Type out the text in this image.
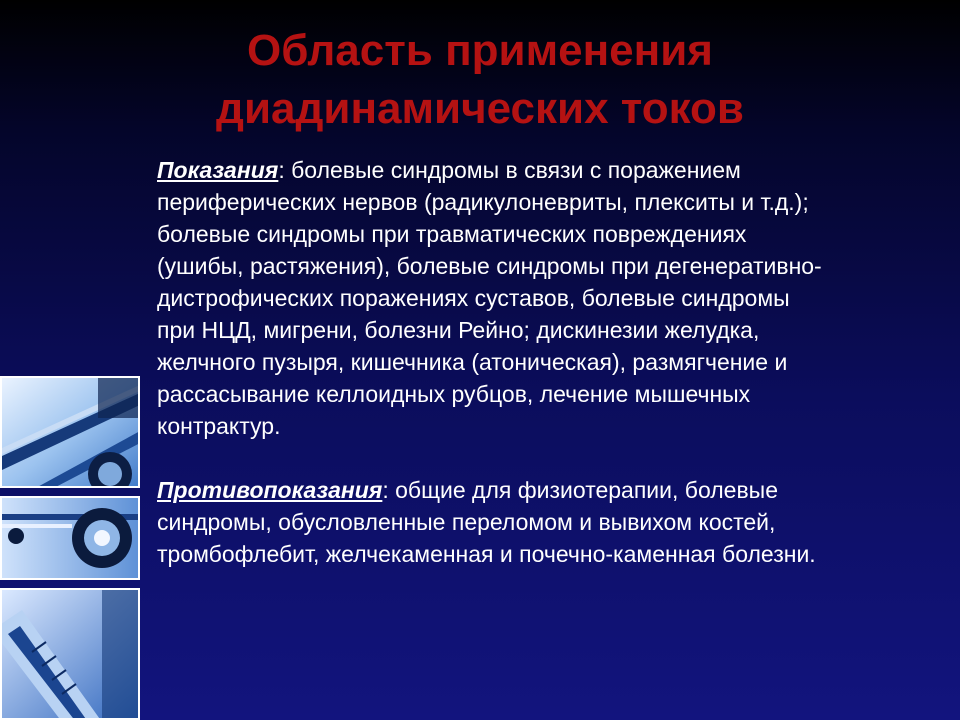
Область применения
диадинамических токов
Показания: болевые синдромы в связи с поражением
периферических нервов (радикулоневриты, плекситы и т.д.);
болевые синдромы при травматических повреждениях
(ушибы, растяжения), болевые синдромы при дегенеративно-
дистрофических поражениях суставов, болевые синдромы
при НЦД, мигрени, болезни Рейно; дискинезии желудка,
желчного пузыря, кишечника (атоническая), размягчение и
рассасывание келлоидных рубцов, лечение мышечных
контрактур.
Противопоказания: общие для физиотерапии, болевые
синдромы, обусловленные переломом и вывихом костей,
тромбофлебит, желчекаменная и почечно-каменная болезни.
